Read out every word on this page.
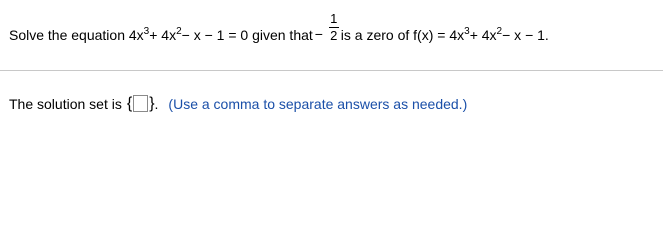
Solve the equation 4x 3 + 4x 2 − x − 1 = 0 given that −
1
2 is a zero of f(x) = 4x 3 + 4x 2 − x − 1.
The solution set is { } . (Use a comma to separate answers as needed.)
